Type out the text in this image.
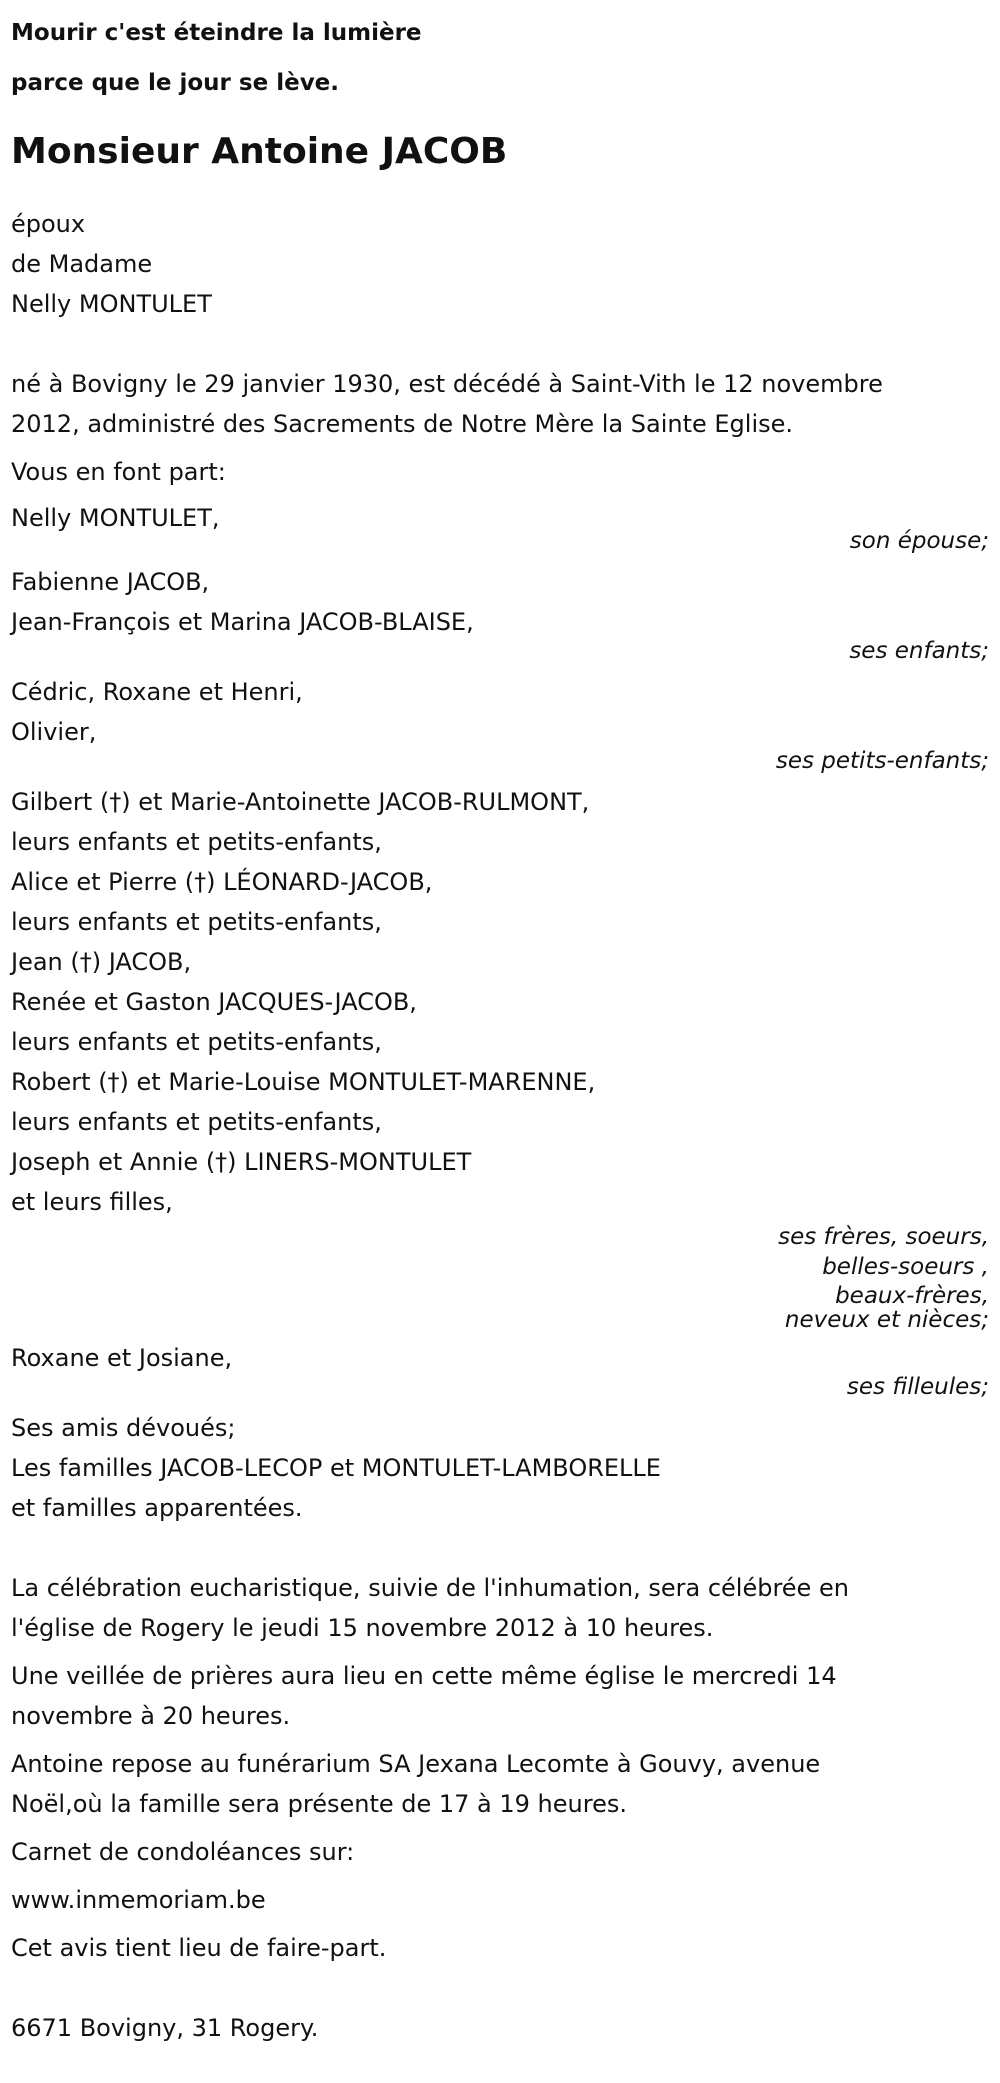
Mourir c'est éteindre la lumière

parce que le jour se lève.

Monsieur Antoine JACOB

époux

de Madame

Nelly MONTULET

né à Bovigny le 29 janvier 1930, est décédé à Saint-Vith le 12 novembre

2012, administré des Sacrements de Notre Mère la Sainte Eglise.

Vous en font part:

Nelly MONTULET,

son épouse;

Fabienne JACOB,

Jean-François et Marina JACOB-BLAISE,

ses enfants;

Cédric, Roxane et Henri,

Olivier,

ses petits-enfants;

Gilbert (†) et Marie-Antoinette JACOB-RULMONT,

leurs enfants et petits-enfants,

Alice et Pierre (†) LÉONARD-JACOB,

leurs enfants et petits-enfants,

Jean (†) JACOB,

Renée et Gaston JACQUES-JACOB,

leurs enfants et petits-enfants,

Robert (†) et Marie-Louise MONTULET-MARENNE,

leurs enfants et petits-enfants,

Joseph et Annie (†) LINERS-MONTULET

et leurs filles,

ses frères, soeurs,

belles-soeurs ,

beaux-frères,

neveux et nièces;

Roxane et Josiane,

ses filleules;

Ses amis dévoués;

Les familles JACOB-LECOP et MONTULET-LAMBORELLE

et familles apparentées.

La célébration eucharistique, suivie de l'inhumation, sera célébrée en

l'église de Rogery le jeudi 15 novembre 2012 à 10 heures.

Une veillée de prières aura lieu en cette même église le mercredi 14

novembre à 20 heures.

Antoine repose au funérarium SA Jexana Lecomte à Gouvy, avenue

Noël,où la famille sera présente de 17 à 19 heures.

Carnet de condoléances sur:

www.inmemoriam.be

Cet avis tient lieu de faire-part.

6671 Bovigny, 31 Rogery.
